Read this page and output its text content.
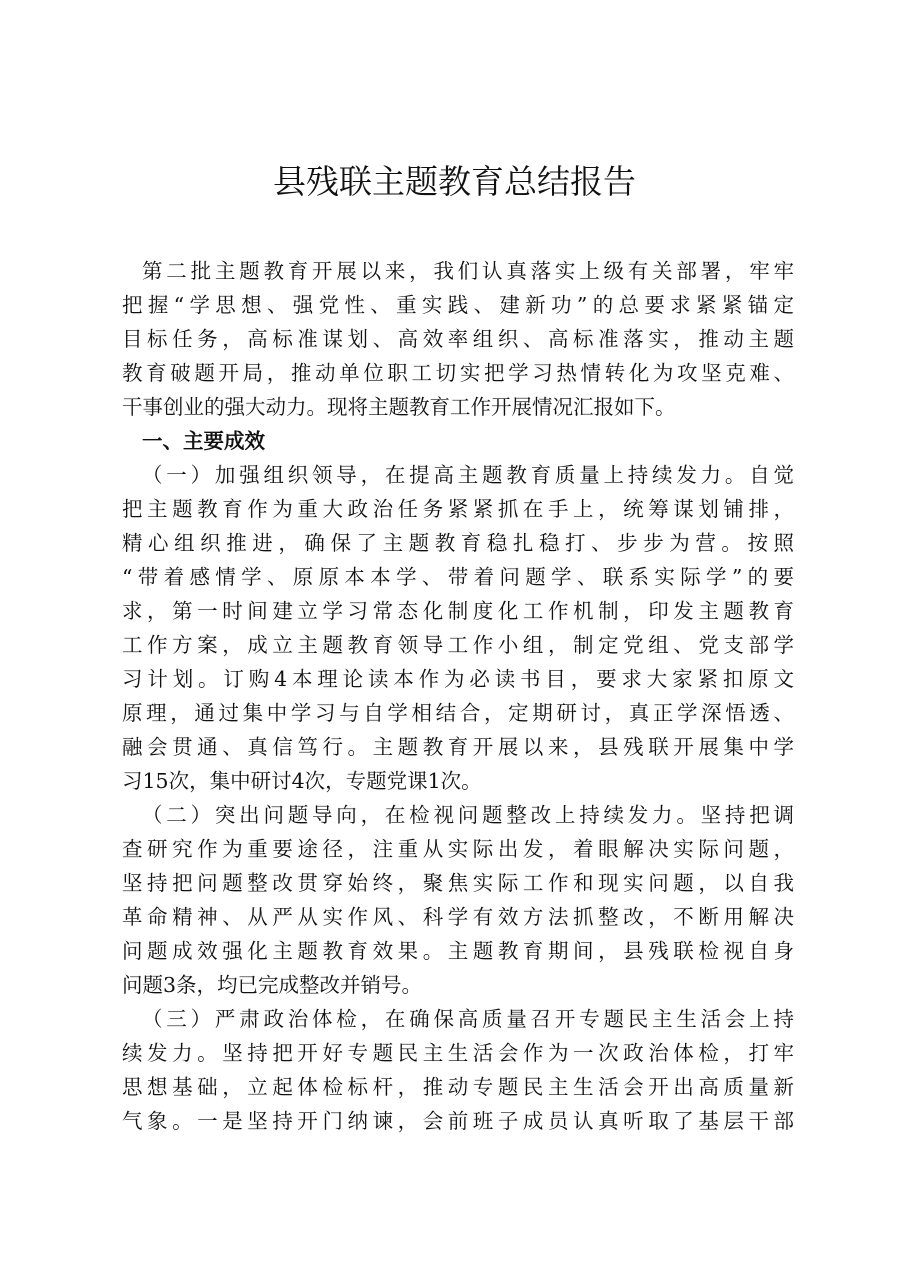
县残联主题教育总结报告
第二批主题教育开展以来，我们认真落实上级有关部署，牢牢
把握“学思想、强党性、重实践、建新功”的总要求紧紧锚定
目标任务，高标准谋划、高效率组织、高标准落实，推动主题
教育破题开局，推动单位职工切实把学习热情转化为攻坚克难、
干事创业的强大动力。现将主题教育工作开展情况汇报如下。
一、主要成效
（一）加强组织领导，在提高主题教育质量上持续发力。自觉
把主题教育作为重大政治任务紧紧抓在手上，统筹谋划铺排，
精心组织推进，确保了主题教育稳扎稳打、步步为营。按照
“带着感情学、原原本本学、带着问题学、联系实际学”的要
求，第一时间建立学习常态化制度化工作机制，印发主题教育
工作方案，成立主题教育领导工作小组，制定党组、党支部学
习计划。订购4本理论读本作为必读书目，要求大家紧扣原文
原理，通过集中学习与自学相结合，定期研讨，真正学深悟透、
融会贯通、真信笃行。主题教育开展以来，县残联开展集中学
习15次，集中研讨4次，专题党课1次。
（二）突出问题导向，在检视问题整改上持续发力。坚持把调
查研究作为重要途径，注重从实际出发，着眼解决实际问题，
坚持把问题整改贯穿始终，聚焦实际工作和现实问题，以自我
革命精神、从严从实作风、科学有效方法抓整改，不断用解决
问题成效强化主题教育效果。主题教育期间，县残联检视自身
问题3条，均已完成整改并销号。
（三）严肃政治体检，在确保高质量召开专题民主生活会上持
续发力。坚持把开好专题民主生活会作为一次政治体检，打牢
思想基础，立起体检标杆，推动专题民主生活会开出高质量新
气象。一是坚持开门纳谏，会前班子成员认真听取了基层干部
